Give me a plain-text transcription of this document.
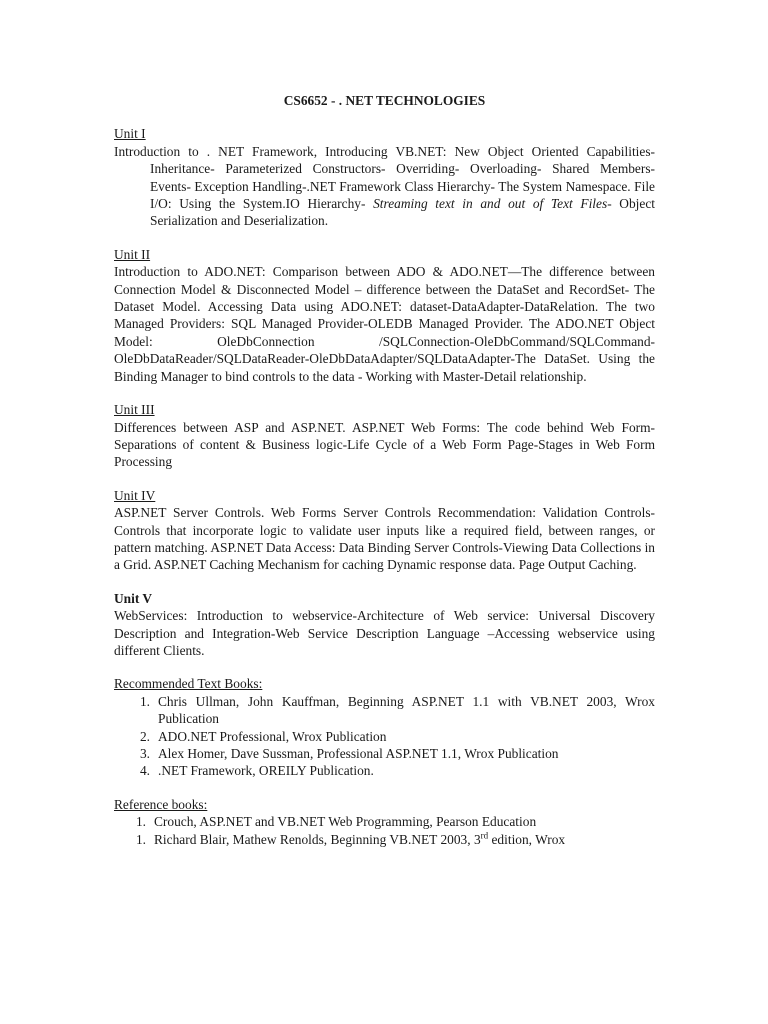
CS6652 - . NET TECHNOLOGIES

Unit I

Introduction to . NET Framework, Introducing VB.NET: New Object Oriented Capabilities- Inheritance- Parameterized Constructors- Overriding- Overloading- Shared Members- Events- Exception Handling-.NET Framework Class Hierarchy- The System Namespace. File I/O: Using the System.IO Hierarchy- Streaming text in and out of Text Files- Object Serialization and Deserialization.

Unit II

Introduction to ADO.NET: Comparison between ADO & ADO.NET—The difference between Connection Model & Disconnected Model – difference between the DataSet and RecordSet- The Dataset Model. Accessing Data using ADO.NET: dataset-DataAdapter-DataRelation. The two Managed Providers: SQL Managed Provider-OLEDB Managed Provider. The ADO.NET Object Model: OleDbConnection /SQLConnection-OleDbCommand/SQLCommand-OleDbDataReader/SQLDataReader-OleDbDataAdapter/SQLDataAdapter-The DataSet. Using the Binding Manager to bind controls to the data - Working with Master-Detail relationship.

Unit III

Differences between ASP and ASP.NET. ASP.NET Web Forms: The code behind Web Form-Separations of content & Business logic-Life Cycle of a Web Form Page-Stages in Web Form Processing

Unit IV

ASP.NET Server Controls. Web Forms Server Controls Recommendation: Validation Controls-Controls that incorporate logic to validate user inputs like a required field, between ranges, or pattern matching. ASP.NET Data Access: Data Binding Server Controls-Viewing Data Collections in a Grid. ASP.NET Caching Mechanism for caching Dynamic response data. Page Output Caching.

Unit V

WebServices: Introduction to webservice-Architecture of Web service: Universal Discovery Description and Integration-Web Service Description Language –Accessing webservice using different Clients.

Recommended Text Books:

1. Chris Ullman, John Kauffman, Beginning ASP.NET 1.1 with VB.NET 2003, Wrox Publication
2. ADO.NET Professional, Wrox Publication
3. Alex Homer, Dave Sussman, Professional ASP.NET 1.1, Wrox Publication
4. .NET Framework, OREILY Publication.

Reference books:

1. Crouch, ASP.NET and VB.NET Web Programming, Pearson Education
1. Richard Blair, Mathew Renolds, Beginning VB.NET 2003, 3rd edition, Wrox
